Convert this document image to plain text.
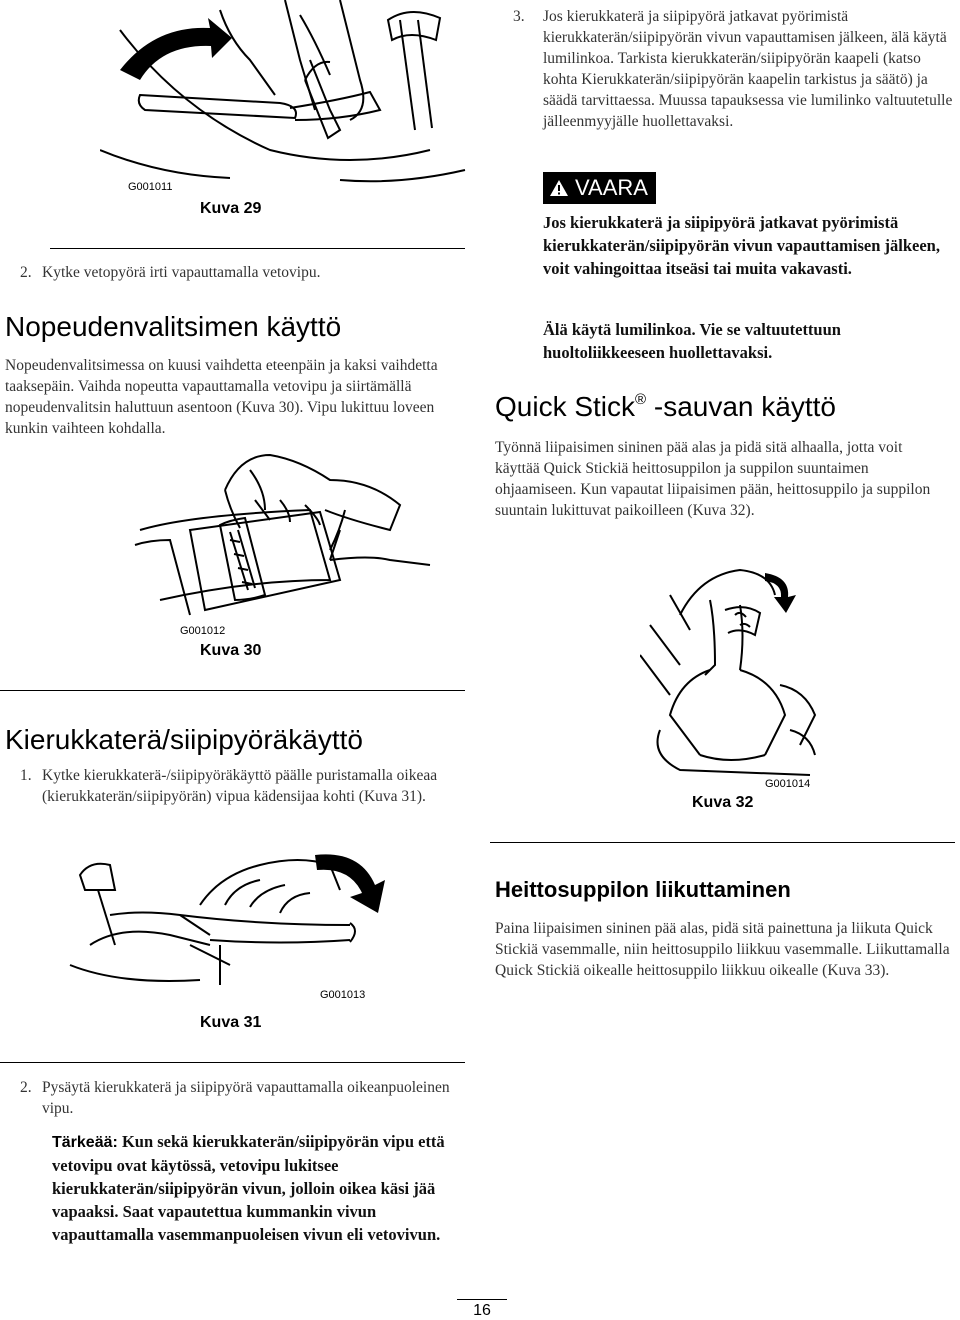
G001011
Kuva 29
2. Kytke vetopyörä irti vapauttamalla vetovipu.
Nopeudenvalitsimen käyttö
Nopeudenvalitsimessa on kuusi vaihdetta eteenpäin ja kaksi vaihdetta taaksepäin. Vaihda nopeutta vapauttamalla vetovipu ja siirtämällä nopeudenvalitsin haluttuun asentoon (Kuva 30). Vipu lukittuu loveen kunkin vaihteen kohdalla.
G001012
Kuva 30
Kierukkaterä/siipipyöräkäyttö
1. Kytke kierukkaterä-/siipipyöräkäyttö päälle puristamalla oikeaa (kierukkaterän/siipipyörän) vipua kädensijaa kohti (Kuva 31).
G001013
Kuva 31
2. Pysäytä kierukkaterä ja siipipyörä vapauttamalla oikeanpuoleinen vipu.
Tärkeää: Kun sekä kierukkaterän/siipipyörän vipu että vetovipu ovat käytössä, vetovipu lukitsee kierukkaterän/siipipyörän vivun, jolloin oikea käsi jää vapaaksi. Saat vapautettua kummankin vivun vapauttamalla vasemmanpuoleisen vivun eli vetovivun.
3.	Jos kierukkaterä ja siipipyörä jatkavat pyörimistä kierukkaterän/siipipyörän vivun vapauttamisen jälkeen, älä käytä lumilinkoa. Tarkista kierukkaterän/siipipyörän kaapeli (katso kohta Kierukkaterän/siipipyörän kaapelin tarkistus ja säätö) ja säädä tarvittaessa. Muussa tapauksessa vie lumilinko valtuutetulle jälleenmyyjälle huollettavaksi.
VAARA
Jos kierukkaterä ja siipipyörä jatkavat pyörimistä kierukkaterän/siipipyörän vivun vapauttamisen jälkeen, voit vahingoittaa itseäsi tai muita vakavasti.
Älä käytä lumilinkoa. Vie se valtuutettuun huoltoliikkeeseen huollettavaksi.
Quick Stick® -sauvan käyttö
Työnnä liipaisimen sininen pää alas ja pidä sitä alhaalla, jotta voit käyttää Quick Stickiä heittosuppilon ja suppilon suuntaimen ohjaamiseen. Kun vapautat liipaisimen pään, heittosuppilo ja suppilon suuntain lukittuvat paikoilleen (Kuva 32).
G001014
Kuva 32
Heittosuppilon liikuttaminen
Paina liipaisimen sininen pää alas, pidä sitä painettuna ja liikuta Quick Stickiä vasemmalle, niin heittosuppilo liikkuu vasemmalle. Liikuttamalla Quick Stickiä oikealle heittosuppilo liikkuu oikealle (Kuva 33).
16
